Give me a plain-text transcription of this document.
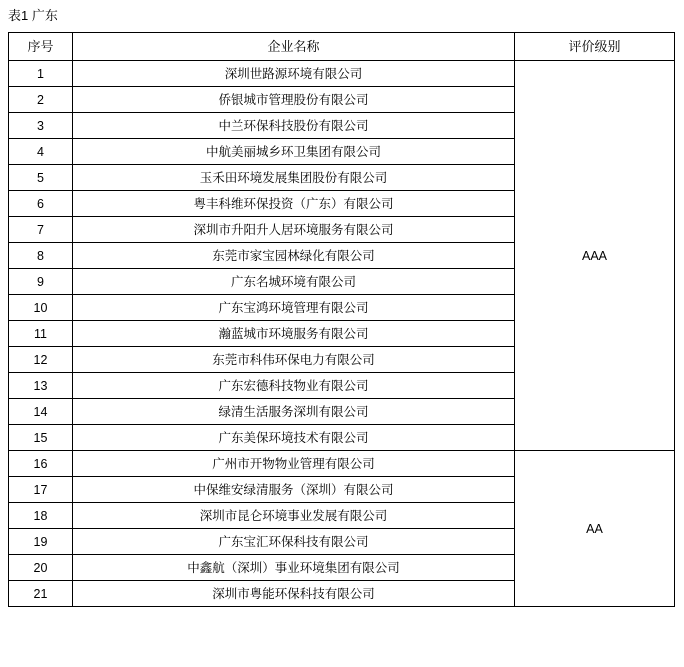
表1 广东
序号	企业名称	评价级别
1	深圳世路源环境有限公司	AAA
2	侨银城市管理股份有限公司	
3	中兰环保科技股份有限公司	
4	中航美丽城乡环卫集团有限公司	
5	玉禾田环境发展集团股份有限公司	
6	粤丰科维环保投资（广东）有限公司	
7	深圳市升阳升人居环境服务有限公司	
8	东莞市家宝园林绿化有限公司	
9	广东名城环境有限公司	
10	广东宝鸿环境管理有限公司	
11	瀚蓝城市环境服务有限公司	
12	东莞市科伟环保电力有限公司	
13	广东宏德科技物业有限公司	
14	绿清生活服务深圳有限公司	
15	广东美保环境技术有限公司	
16	广州市开物物业管理有限公司	AA
17	中保维安绿清服务（深圳）有限公司	
18	深圳市昆仑环境事业发展有限公司	
19	广东宝汇环保科技有限公司	
20	中鑫航（深圳）事业环境集团有限公司	
21	深圳市粤能环保科技有限公司	
